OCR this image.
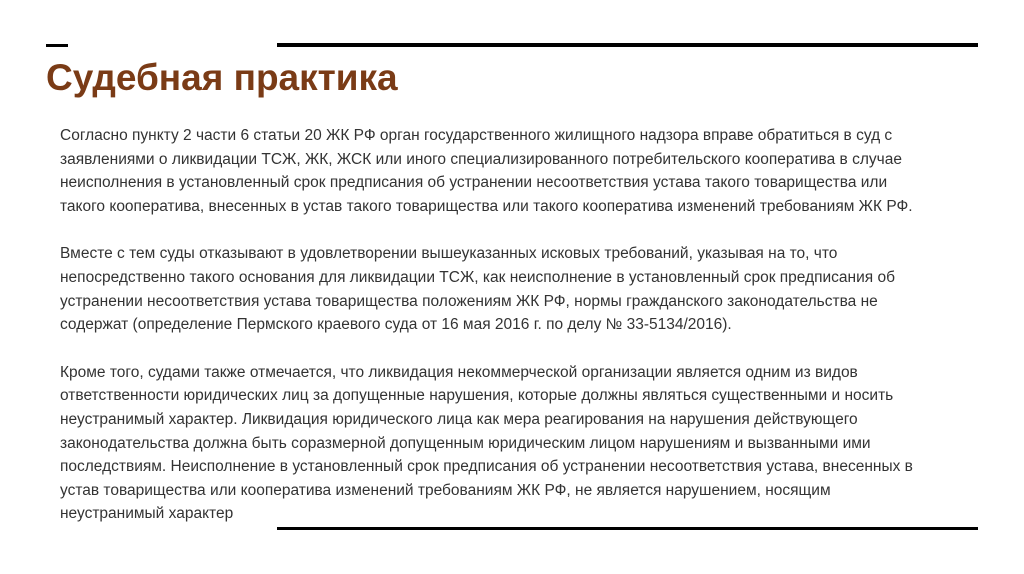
Судебная практика

Согласно пункту 2 части 6 статьи 20 ЖК РФ орган государственного жилищного надзора вправе обратиться в суд с
заявлениями о ликвидации ТСЖ, ЖК, ЖСК или иного специализированного потребительского кооператива в случае
неисполнения в установленный срок предписания об устранении несоответствия устава такого товарищества или
такого кооператива, внесенных в устав такого товарищества или такого кооператива изменений требованиям ЖК РФ.

Вместе с тем суды отказывают в удовлетворении вышеуказанных исковых требований, указывая на то, что
непосредственно такого основания для ликвидации ТСЖ, как неисполнение в установленный срок предписания об
устранении несоответствия устава товарищества положениям ЖК РФ, нормы гражданского законодательства не
содержат (определение Пермского краевого суда от 16 мая 2016 г. по делу № 33-5134/2016).

Кроме того, судами также отмечается, что ликвидация некоммерческой организации является одним из видов
ответственности юридических лиц за допущенные нарушения, которые должны являться существенными и носить
неустранимый характер. Ликвидация юридического лица как мера реагирования на нарушения действующего
законодательства должна быть соразмерной допущенным юридическим лицом нарушениям и вызванными ими
последствиям. Неисполнение в установленный срок предписания об устранении несоответствия устава, внесенных в
устав товарищества или кооператива изменений требованиям ЖК РФ, не является нарушением, носящим
неустранимый характер
